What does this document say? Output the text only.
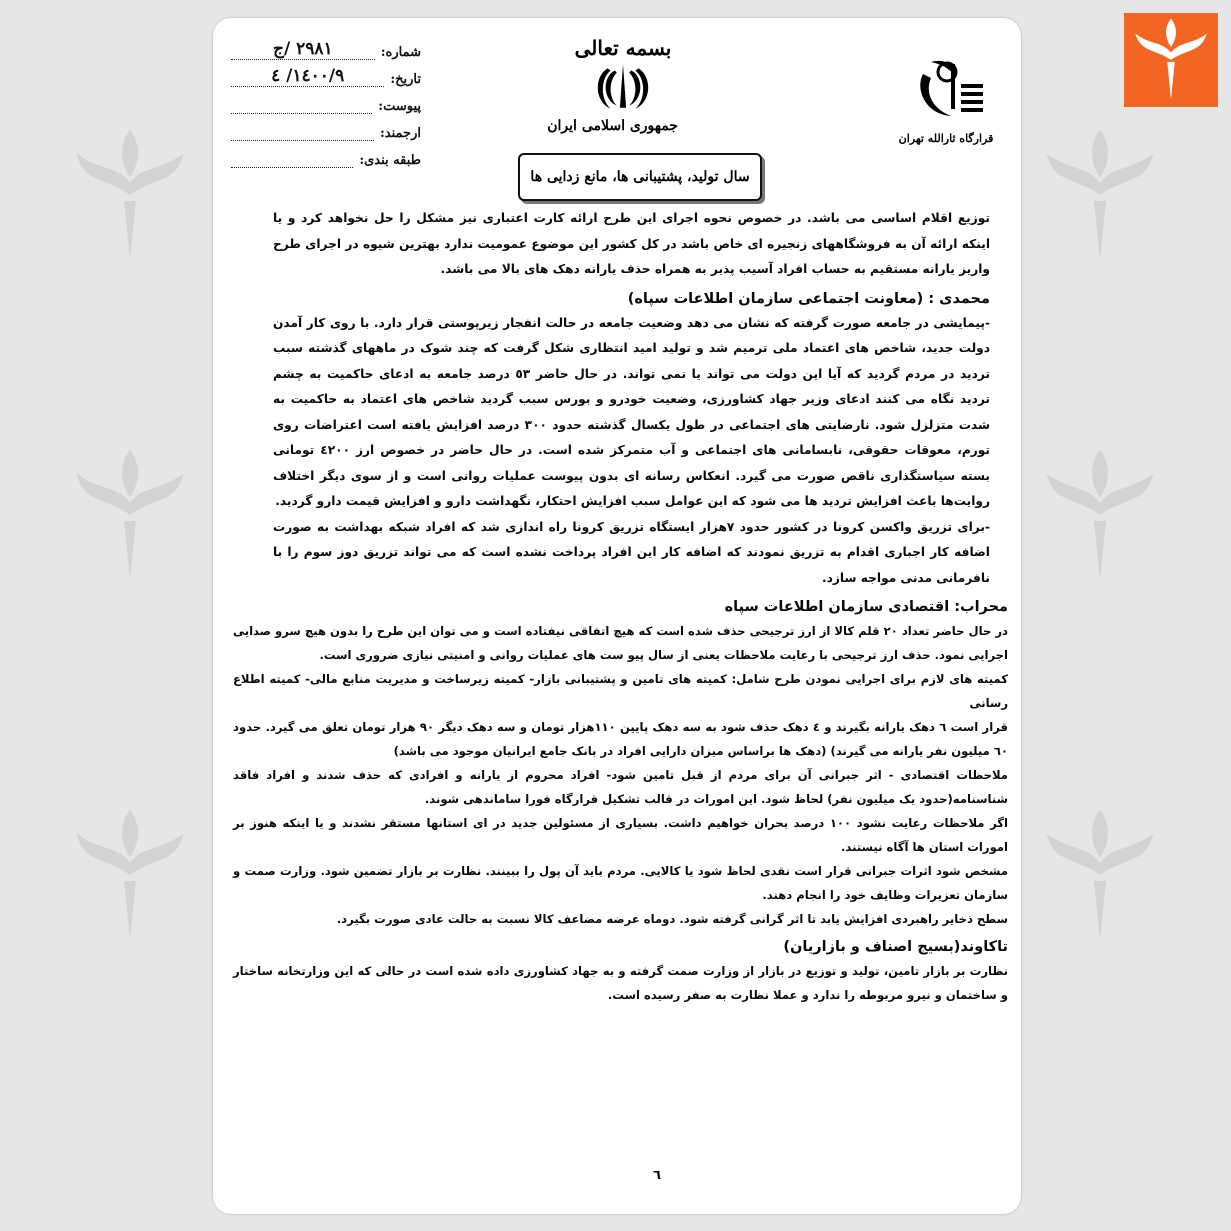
شماره:
٢٩٨١ /ج
تاریخ:
١٤٠٠/٩/ ٤
پیوست:
ارجمند:
طبقه بندی:
بسمه تعالی
جمهوری اسلامی ایران
سال تولید، پشتیبانی ها، مانع زدایی ها
قرارگاه ثارالله تهران

توزیع اقلام اساسی می باشد. در خصوص نحوه اجرای این طرح ارائه کارت اعتباری نیز مشکل را حل نخواهد کرد و یا اینکه ارائه آن به فروشگاههای زنجیره ای خاص باشد در کل کشور این موضوع عمومیت ندارد بهترین شیوه در اجرای طرح واریز یارانه مستقیم به حساب افراد آسیب پذیر به همراه حذف یارانه دهک های بالا می باشد.

محمدی : (معاونت اجتماعی سازمان اطلاعات سپاه)

-پیمایشی در جامعه صورت گرفته که نشان می دهد وضعیت جامعه در حالت انفجار زیرپوستی قرار دارد. با روی کار آمدن دولت جدید، شاخص های اعتماد ملی ترمیم شد و تولید امید انتظاری شکل گرفت که چند شوک در ماههای گذشته سبب تردید در مردم گردید که آیا این دولت می تواند یا نمی تواند. در حال حاضر ٥٣ درصد جامعه به ادعای حاکمیت به چشم تردید نگاه می کنند ادعای وزیر جهاد کشاورزی، وضعیت خودرو و بورس سبب گردید شاخص های اعتماد به حاکمیت به شدت متزلزل شود. نارضایتی های اجتماعی در طول یکسال گذشته حدود ٣٠٠ درصد افزایش یافته است اعتراضات روی تورم، معوقات حقوقی، نابسامانی های اجتماعی و آب متمرکز شده است. در حال حاضر در خصوص ارز ٤٢٠٠ تومانی بسته سیاستگذاری ناقص صورت می گیرد. انعکاس رسانه ای بدون پیوست عملیات روانی است و از سوی دیگر اختلاف روایت‌ها باعث افزایش تردید ها می شود که این عوامل سبب افزایش احتکار، نگهداشت دارو و افزایش قیمت دارو گردید.

-برای تزریق واکسن کرونا در کشور حدود ٧هزار ایستگاه تزریق کرونا راه اندازی شد که افراد شبکه بهداشت به صورت اضافه کار اجباری اقدام به تزریق نمودند که اضافه کار این افراد پرداخت نشده است که می تواند تزریق دوز سوم را با نافرمانی مدنی مواجه سازد.

محراب: اقتصادی سازمان اطلاعات سپاه

در حال حاضر تعداد ٢٠ قلم کالا از ارز ترجیحی حذف شده است که هیچ اتفاقی نیفتاده است و می توان این طرح را بدون هیچ سرو صدایی اجرایی نمود. حذف ارز ترجیحی با رعایت ملاحظات یعنی از سال پیو ست های عملیات روانی و امنیتی نیازی ضروری است.

کمیته های لازم برای اجرایی نمودن طرح شامل: کمیته های تامین و پشتیبانی بازار- کمیته زیرساخت و مدیریت منابع مالی- کمیته اطلاع رسانی

قرار است ٦ دهک یارانه بگیرند و ٤ دهک حذف شود به سه دهک پایین ١١٠هزار تومان و سه دهک دیگر ٩٠ هزار تومان تعلق می گیرد. حدود ٦٠ میلیون نفر یارانه می گیرند) (دهک ها براساس میزان دارایی افراد در بانک جامع ایرانیان موجود می باشد)

ملاحظات اقتصادی - اثر جبرانی آن برای مردم از قبل تامین شود- افراد محروم از یارانه و افرادی که حذف شدند و افراد فاقد شناسنامه(حدود یک میلیون نفر) لحاظ شود. این امورات در قالب تشکیل قرارگاه فورا ساماندهی شوند.

اگر ملاحظات رعایت نشود ١٠٠ درصد بحران خواهیم داشت. بسیاری از مسئولین جدید در ای استانها مستقر نشدند و یا اینکه هنوز بر امورات استان ها آگاه نیستند.

مشخص شود اثرات جبرانی قرار است نقدی لحاظ شود یا کالایی. مردم باید آن پول را ببینند. نظارت بر بازار تضمین شود. وزارت صمت و سازمان تعزیرات وظایف خود را انجام دهند.

سطح ذخایر راهبردی افزایش یابد تا اثر گرانی گرفته شود. دوماه عرضه مضاعف کالا نسبت به حالت عادی صورت بگیرد.

تاکاوند(بسیج اصناف و بازاریان)

نظارت بر بازار تامین، تولید و توزیع در بازار از وزارت صمت گرفته و به جهاد کشاورزی داده شده است در حالی که این وزارتخانه ساختار و ساختمان و نیرو مربوطه را ندارد و عملا نظارت به صفر رسیده است.

٦
